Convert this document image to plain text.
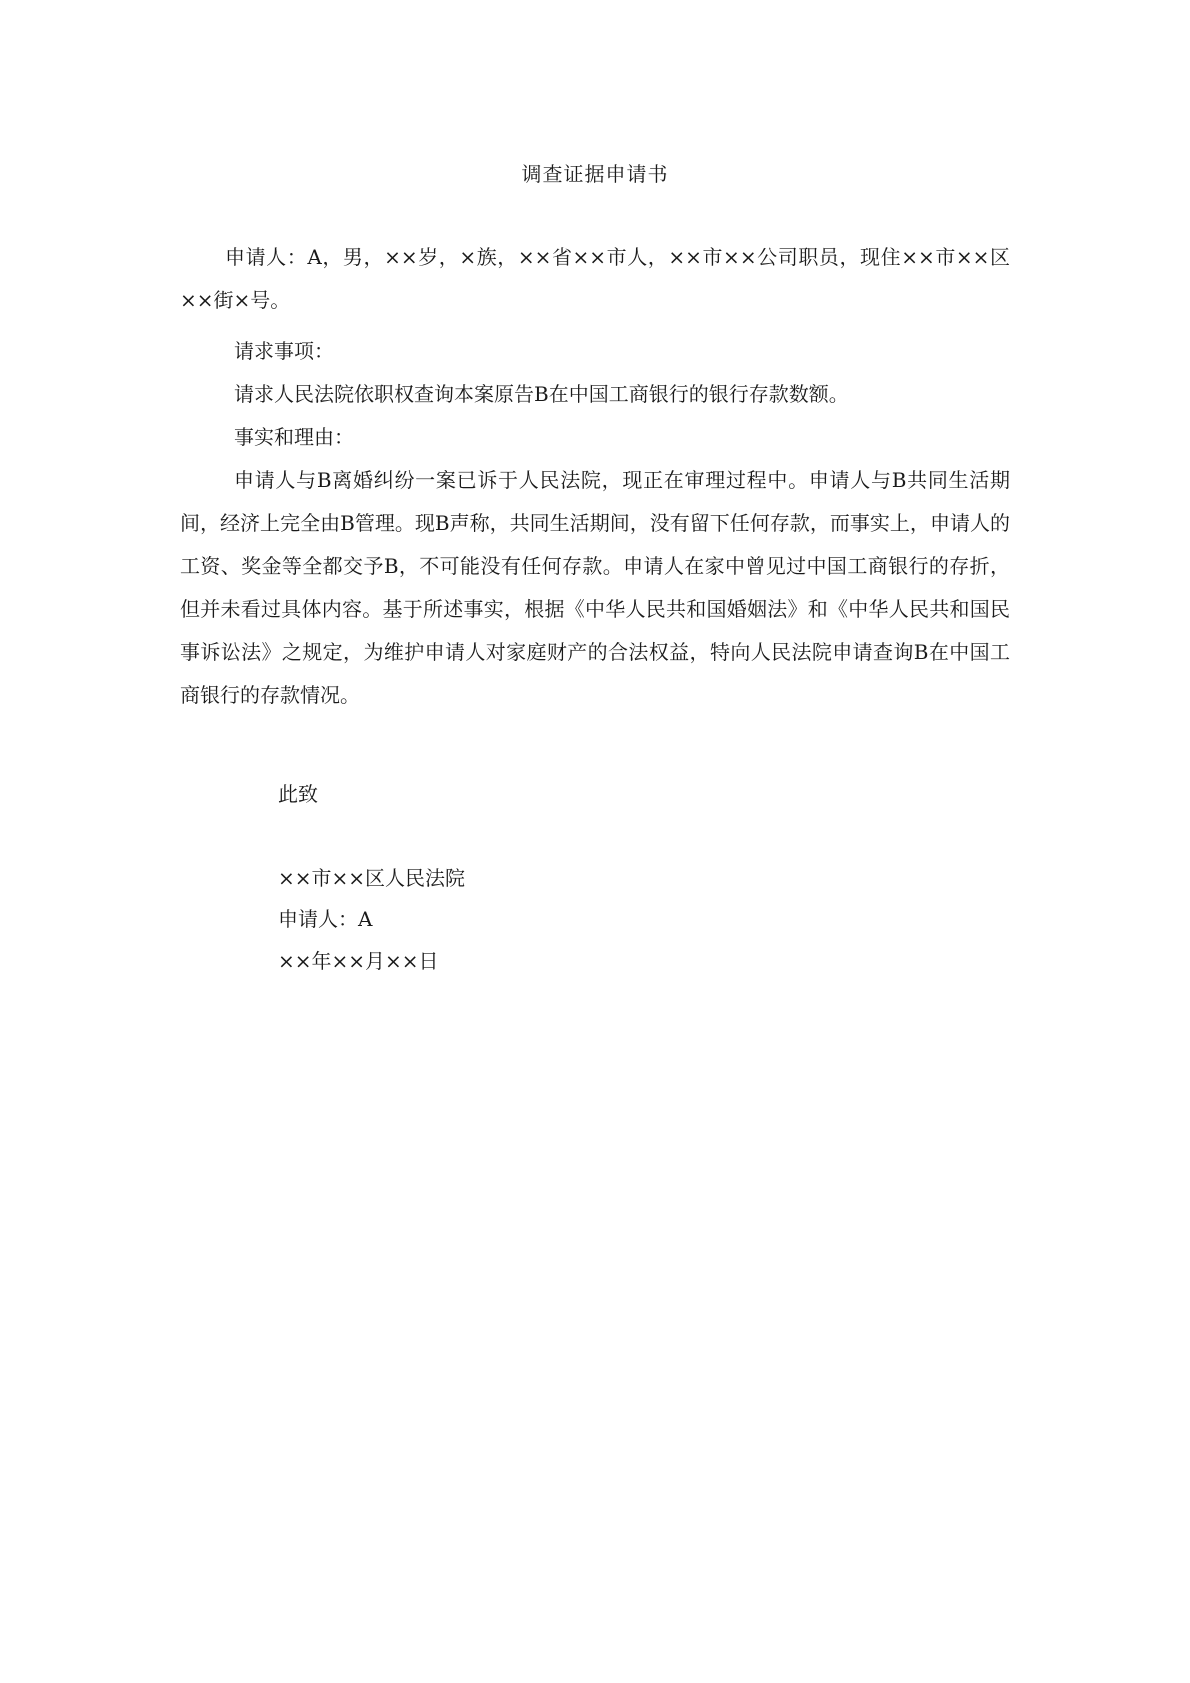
调查证据申请书

申请人：A，男，××岁，×族，××省××市人，××市××公司职员，现住××市××区××街×号。

请求事项：
请求人民法院依职权查询本案原告B在中国工商银行的银行存款数额。
事实和理由：

申请人与B离婚纠纷一案已诉于人民法院，现正在审理过程中。申请人与B共同生活期间，经济上完全由B管理。现B声称，共同生活期间，没有留下任何存款，而事实上，申请人的工资、奖金等全都交予B，不可能没有任何存款。申请人在家中曾见过中国工商银行的存折，但并未看过具体内容。基于所述事实，根据《中华人民共和国婚姻法》和《中华人民共和国民事诉讼法》之规定，为维护申请人对家庭财产的合法权益，特向人民法院申请查询B在中国工商银行的存款情况。

此致
××市××区人民法院
申请人：A
××年××月××日
